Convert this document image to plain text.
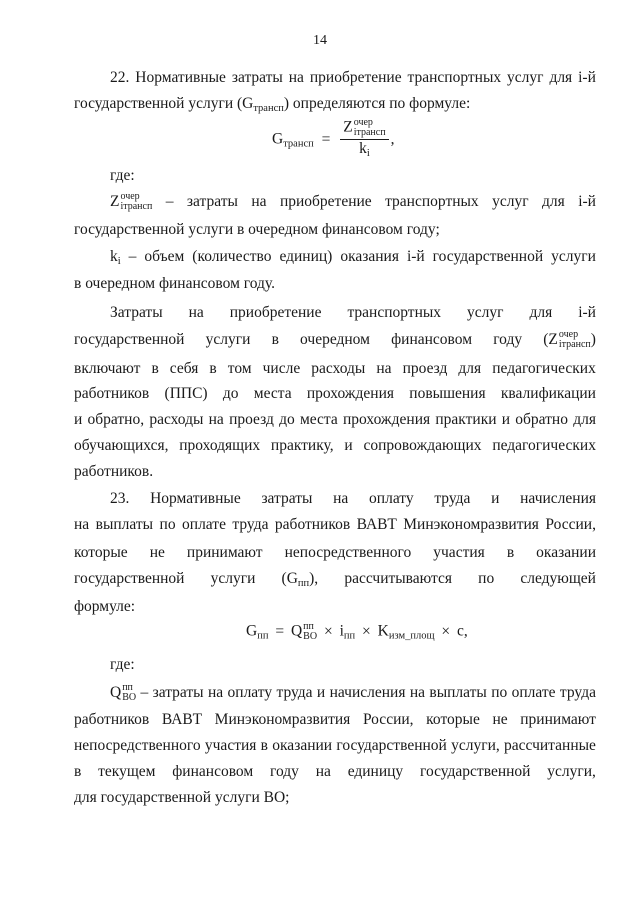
14
22. Нормативные затраты на приобретение транспортных услуг для i-й
государственной услуги $(G_{трансп})$ определяются по формуле:
$G_{трансп} = Z$ очер
iтрансп
$k_i$ ,
где:
Z очер
iтрансп – затраты на приобретение транспортных услуг для i-й
государственной услуги в очередном финансовом году;
$k_i$ – объем (количество единиц) оказания i-й государственной услуги
в очередном финансовом году.
Затраты на приобретение транспортных услуг для i-й
государственной услуги в очередном финансовом году (Z очер
iтрансп )
включают в себя в том числе расходы на проезд для педагогических
работников (ППС) до места прохождения повышения квалификации
и обратно, расходы на проезд до места прохождения практики и обратно для
обучающихся, проходящих практику, и сопровождающих педагогических
работников.
23. Нормативные затраты на оплату труда и начисления
на выплаты по оплате труда работников ВАВТ Минэкономразвития России,
которые не принимают непосредственного участия в оказании
государственной услуги $(G_{пп})$, рассчитываются по следующей
формуле:
$G_{пп} = Q$ пп
ВО × $i_{пп} \times K_{изм\_площ} \times c$,
где:
Q пп
ВО – затраты на оплату труда и начисления на выплаты по оплате труда
работников ВАВТ Минэкономразвития России, которые не принимают
непосредственного участия в оказании государственной услуги, рассчитанные
в текущем финансовом году на единицу государственной услуги,
для государственной услуги ВО;
